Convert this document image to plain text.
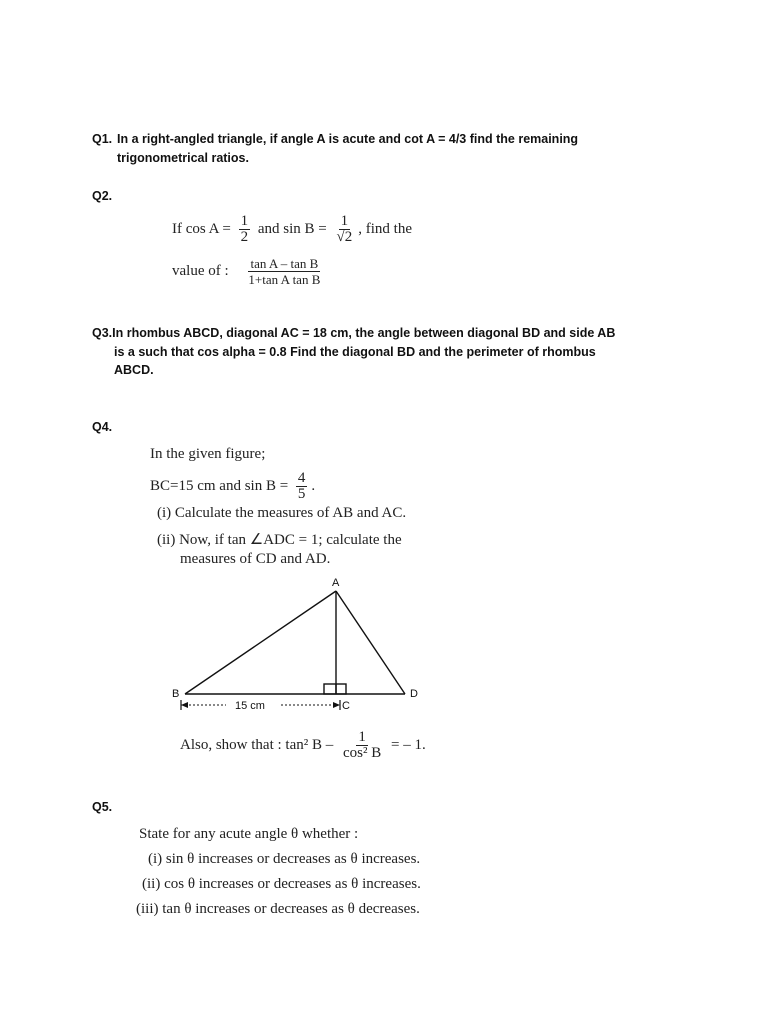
Q1. In a right-angled triangle, if angle A is acute and cot A = 4/3 find the remaining
trigonometrical ratios.
Q2.
If $\cos A = \frac{1}{2}$ and $\sin B = \frac{1}{√2}$ , find the
value of : $\frac{\text{tan A – tan B}}{\text{1+tan A tan B}}$
Q3.In rhombus ABCD, diagonal AC = 18 cm, the angle between diagonal BD and side AB
is a such that cos alpha = 0.8 Find the diagonal BD and the perimeter of rhombus
ABCD.
Q4.
In the given figure;
BC=15 cm and $\sin B = \frac{4}{5}$ .
(i) Calculate the measures of AB and AC.
(ii) Now, if tan ∠ADC = 1; calculate the
measures of CD and AD.
A
B
C
D
15 cm
Also, show that : tan² B – $\frac{1}{\text{cos² B}}$ = – 1.
Q5.
State for any acute angle θ whether :
(i) sin θ increases or decreases as θ increases.
(ii) cos θ increases or decreases as θ increases.
(iii) tan θ increases or decreases as θ decreases.
